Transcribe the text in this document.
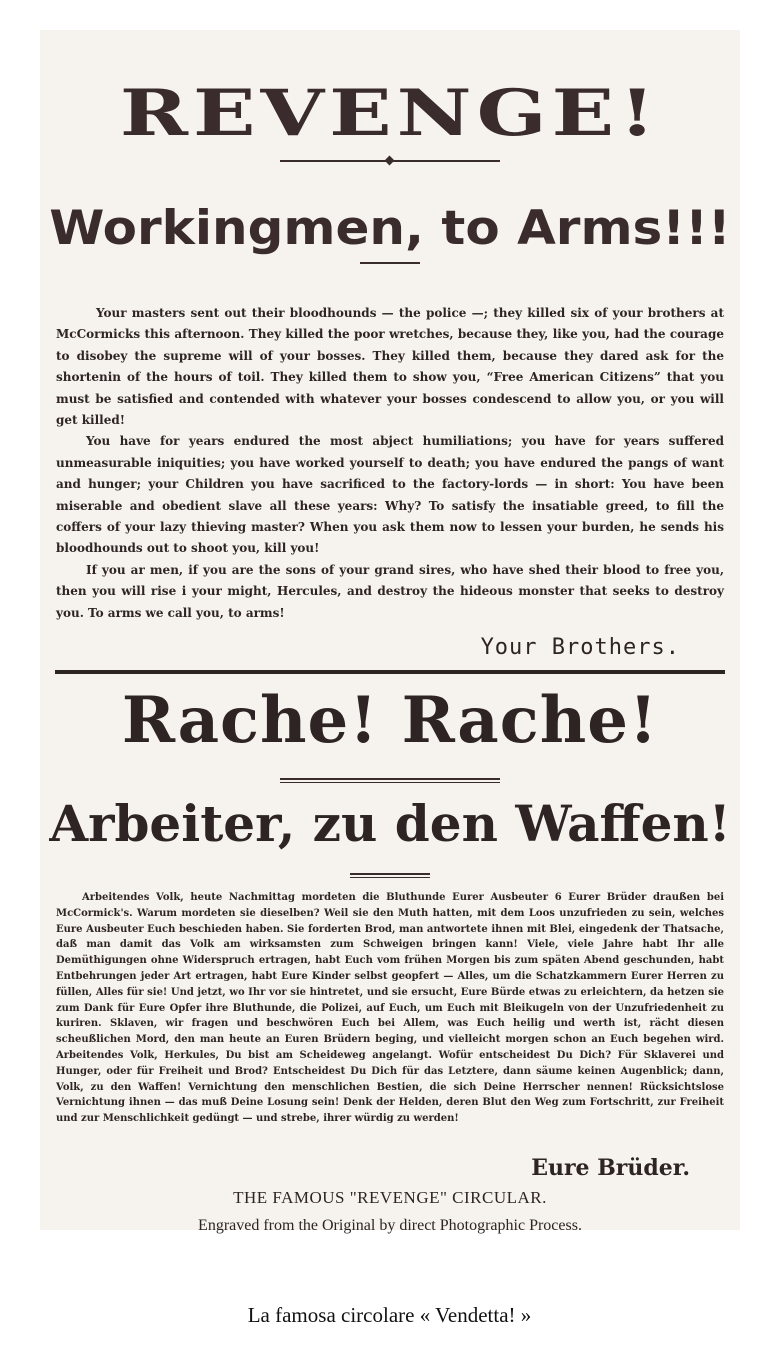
REVENGE!
Workingmen, to Arms!!!

Your masters sent out their bloodhounds — the police —; they killed six of your brothers at McCormicks this afternoon. They killed the poor wretches, because they, like you, had the courage to disobey the supreme will of your bosses. They killed them, because they dared ask for the shortenin of the hours of toil. They killed them to show you, “Free American Citizens” that you must be satisfied and contended with whatever your bosses condescend to allow you, or you will get killed!

You have for years endured the most abject humiliations; you have for years suffered unmeasurable iniquities; you have worked yourself to death; you have endured the pangs of want and hunger; your Children you have sacrificed to the factory-lords — in short: You have been miserable and obedient slave all these years: Why? To satisfy the insatiable greed, to fill the coffers of your lazy thieving master? When you ask them now to lessen your burden, he sends his bloodhounds out to shoot you, kill you!

If you ar men, if you are the sons of your grand sires, who have shed their blood to free you, then you will rise i your might, Hercules, and destroy the hideous monster that seeks to destroy you. To arms we call you, to arms!

Your Brothers.
Rache! Rache!
Arbeiter, zu den Waffen!
Arbeitendes Volk, heute Nachmittag mordeten die Bluthunde Eurer Ausbeuter 6 Eurer Brüder draußen bei McCormick's. Warum mordeten sie dieselben? Weil sie den Muth hatten, mit dem Loos unzufrieden zu sein, welches Eure Ausbeuter Euch beschieden haben. Sie forderten Brod, man antwortete ihnen mit Blei, eingedenk der Thatsache, daß man damit das Volk am wirksamsten zum Schweigen bringen kann! Viele, viele Jahre habt Ihr alle Demüthigungen ohne Widerspruch ertragen, habt Euch vom frühen Morgen bis zum späten Abend geschunden, habt Entbehrungen jeder Art ertragen, habt Eure Kinder selbst geopfert — Alles, um die Schatzkammern Eurer Herren zu füllen, Alles für sie! Und jetzt, wo Ihr vor sie hintretet, und sie ersucht, Eure Bürde etwas zu erleichtern, da hetzen sie zum Dank für Eure Opfer ihre Bluthunde, die Polizei, auf Euch, um Euch mit Bleikugeln von der Unzufriedenheit zu kuriren. Sklaven, wir fragen und beschwören Euch bei Allem, was Euch heilig und werth ist, rächt diesen scheußlichen Mord, den man heute an Euren Brüdern beging, und vielleicht morgen schon an Euch begehen wird. Arbeitendes Volk, Herkules, Du bist am Scheideweg angelangt. Wofür entscheidest Du Dich? Für Sklaverei und Hunger, oder für Freiheit und Brod? Entscheidest Du Dich für das Letztere, dann säume keinen Augenblick; dann, Volk, zu den Waffen! Vernichtung den menschlichen Bestien, die sich Deine Herrscher nennen! Rücksichtslose Vernichtung ihnen — das muß Deine Losung sein! Denk der Helden, deren Blut den Weg zum Fortschritt, zur Freiheit und zur Menschlichkeit gedüngt — und strebe, ihrer würdig zu werden!
Eure Brüder.
THE FAMOUS "REVENGE" CIRCULAR.
Engraved from the Original by direct Photographic Process.
La famosa circolare « Vendetta! »
